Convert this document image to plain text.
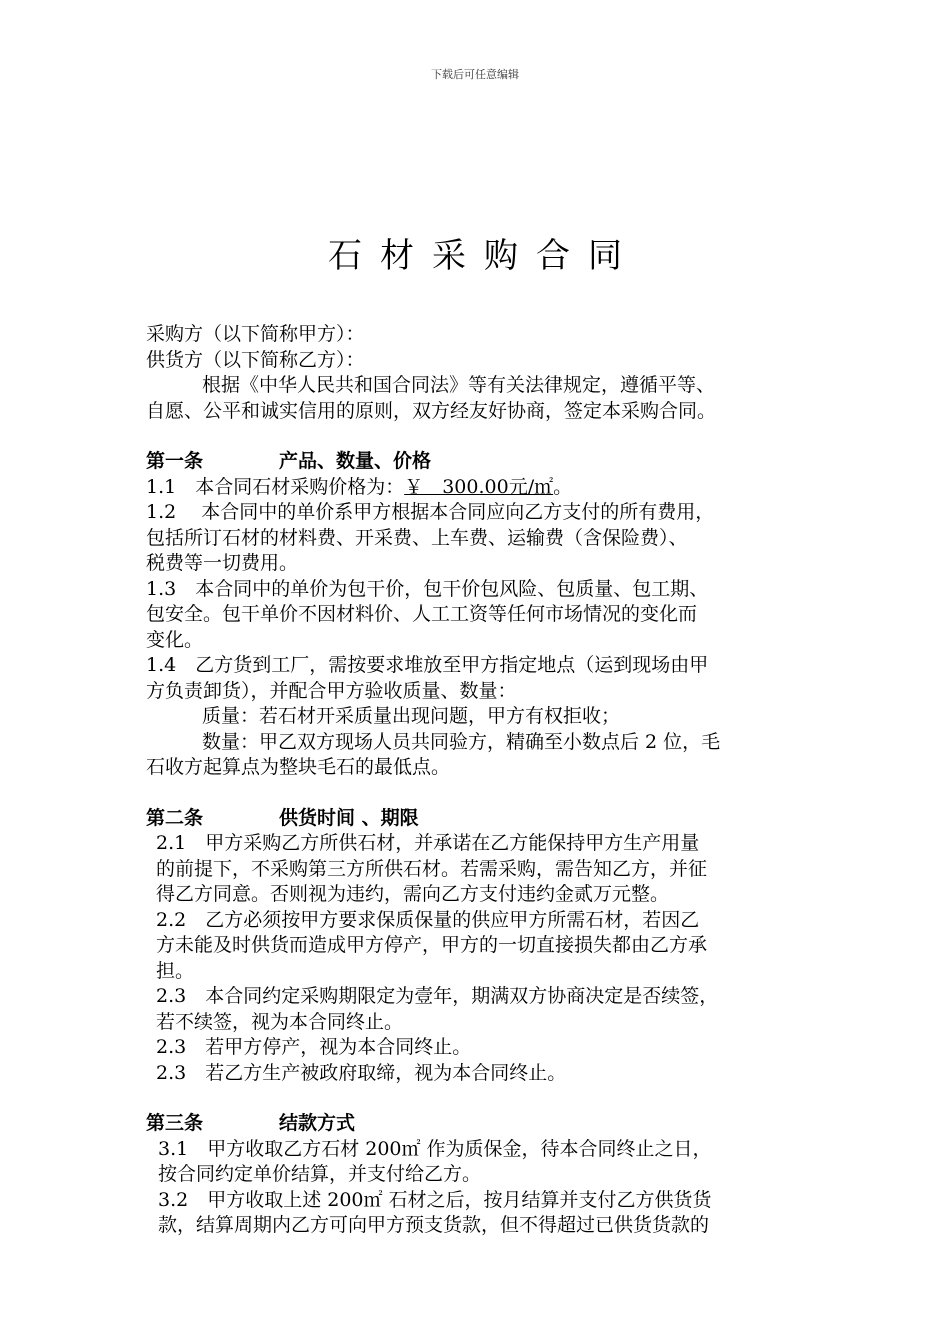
下载后可任意编辑
石 材 采 购 合 同
采购方（以下简称甲方）：
供货方（以下简称乙方）：
根据《中华人民共和国合同法》等有关法律规定，遵循平等、
自愿、公平和诚实信用的原则，双方经友好协商，签定本采购合同。
第一条	产品、数量、价格
1.1　本合同石材采购价格为：￥　300.00元/㎡。
1.2　 本合同中的单价系甲方根据本合同应向乙方支付的所有费用，
包括所订石材的材料费、开采费、上车费、运输费（含保险费）、
税费等一切费用。
1.3　本合同中的单价为包干价，包干价包风险、包质量、包工期、
包安全。包干单价不因材料价、人工工资等任何市场情况的变化而
变化。
1.4　乙方货到工厂，需按要求堆放至甲方指定地点（运到现场由甲
方负责卸货），并配合甲方验收质量、数量：
质量：若石材开采质量出现问题，甲方有权拒收；
数量：甲乙双方现场人员共同验方，精确至小数点后 2 位，毛
石收方起算点为整块毛石的最低点。
第二条	供货时间 、期限
2.1　甲方采购乙方所供石材，并承诺在乙方能保持甲方生产用量
的前提下，不采购第三方所供石材。若需采购，需告知乙方，并征
得乙方同意。否则视为违约，需向乙方支付违约金贰万元整。
2.2　乙方必须按甲方要求保质保量的供应甲方所需石材，若因乙
方未能及时供货而造成甲方停产，甲方的一切直接损失都由乙方承
担。
2.3　本合同约定采购期限定为壹年，期满双方协商决定是否续签，
若不续签，视为本合同终止。
2.3　若甲方停产，视为本合同终止。
2.3　若乙方生产被政府取缔，视为本合同终止。
第三条	结款方式
3.1　甲方收取乙方石材 200㎡ 作为质保金，待本合同终止之日，
按合同约定单价结算，并支付给乙方。
3.2　甲方收取上述 200㎡ 石材之后，按月结算并支付乙方供货货
款，结算周期内乙方可向甲方预支货款，但不得超过已供货货款的
